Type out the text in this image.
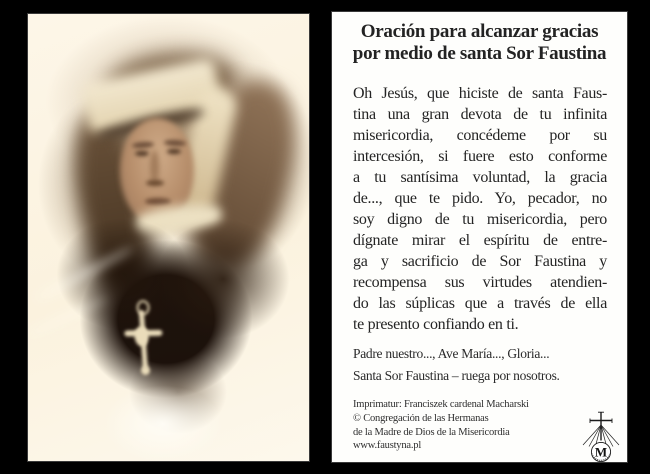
Oración para alcanzar gracias
por medio de santa Sor Faustina
Oh Jesús, que hiciste de santa Faus-
tina una gran devota de tu infinita
misericordia, concédeme por su
intercesión, si fuere esto conforme
a tu santísima voluntad, la gracia
de..., que te pido. Yo, pecador, no
soy digno de tu misericordia, pero
dígnate mirar el espíritu de entre-
ga y sacrificio de Sor Faustina y
recompensa sus virtudes atendien-
do las súplicas que a través de ella
te presento confiando en ti.
Padre nuestro..., Ave María..., Gloria...
Santa Sor Faustina – ruega por nosotros.
Imprimatur: Franciszek cardenal Macharski
© Congregación de las Hermanas
de la Madre de Dios de la Misericordia
www.faustyna.pl	M
